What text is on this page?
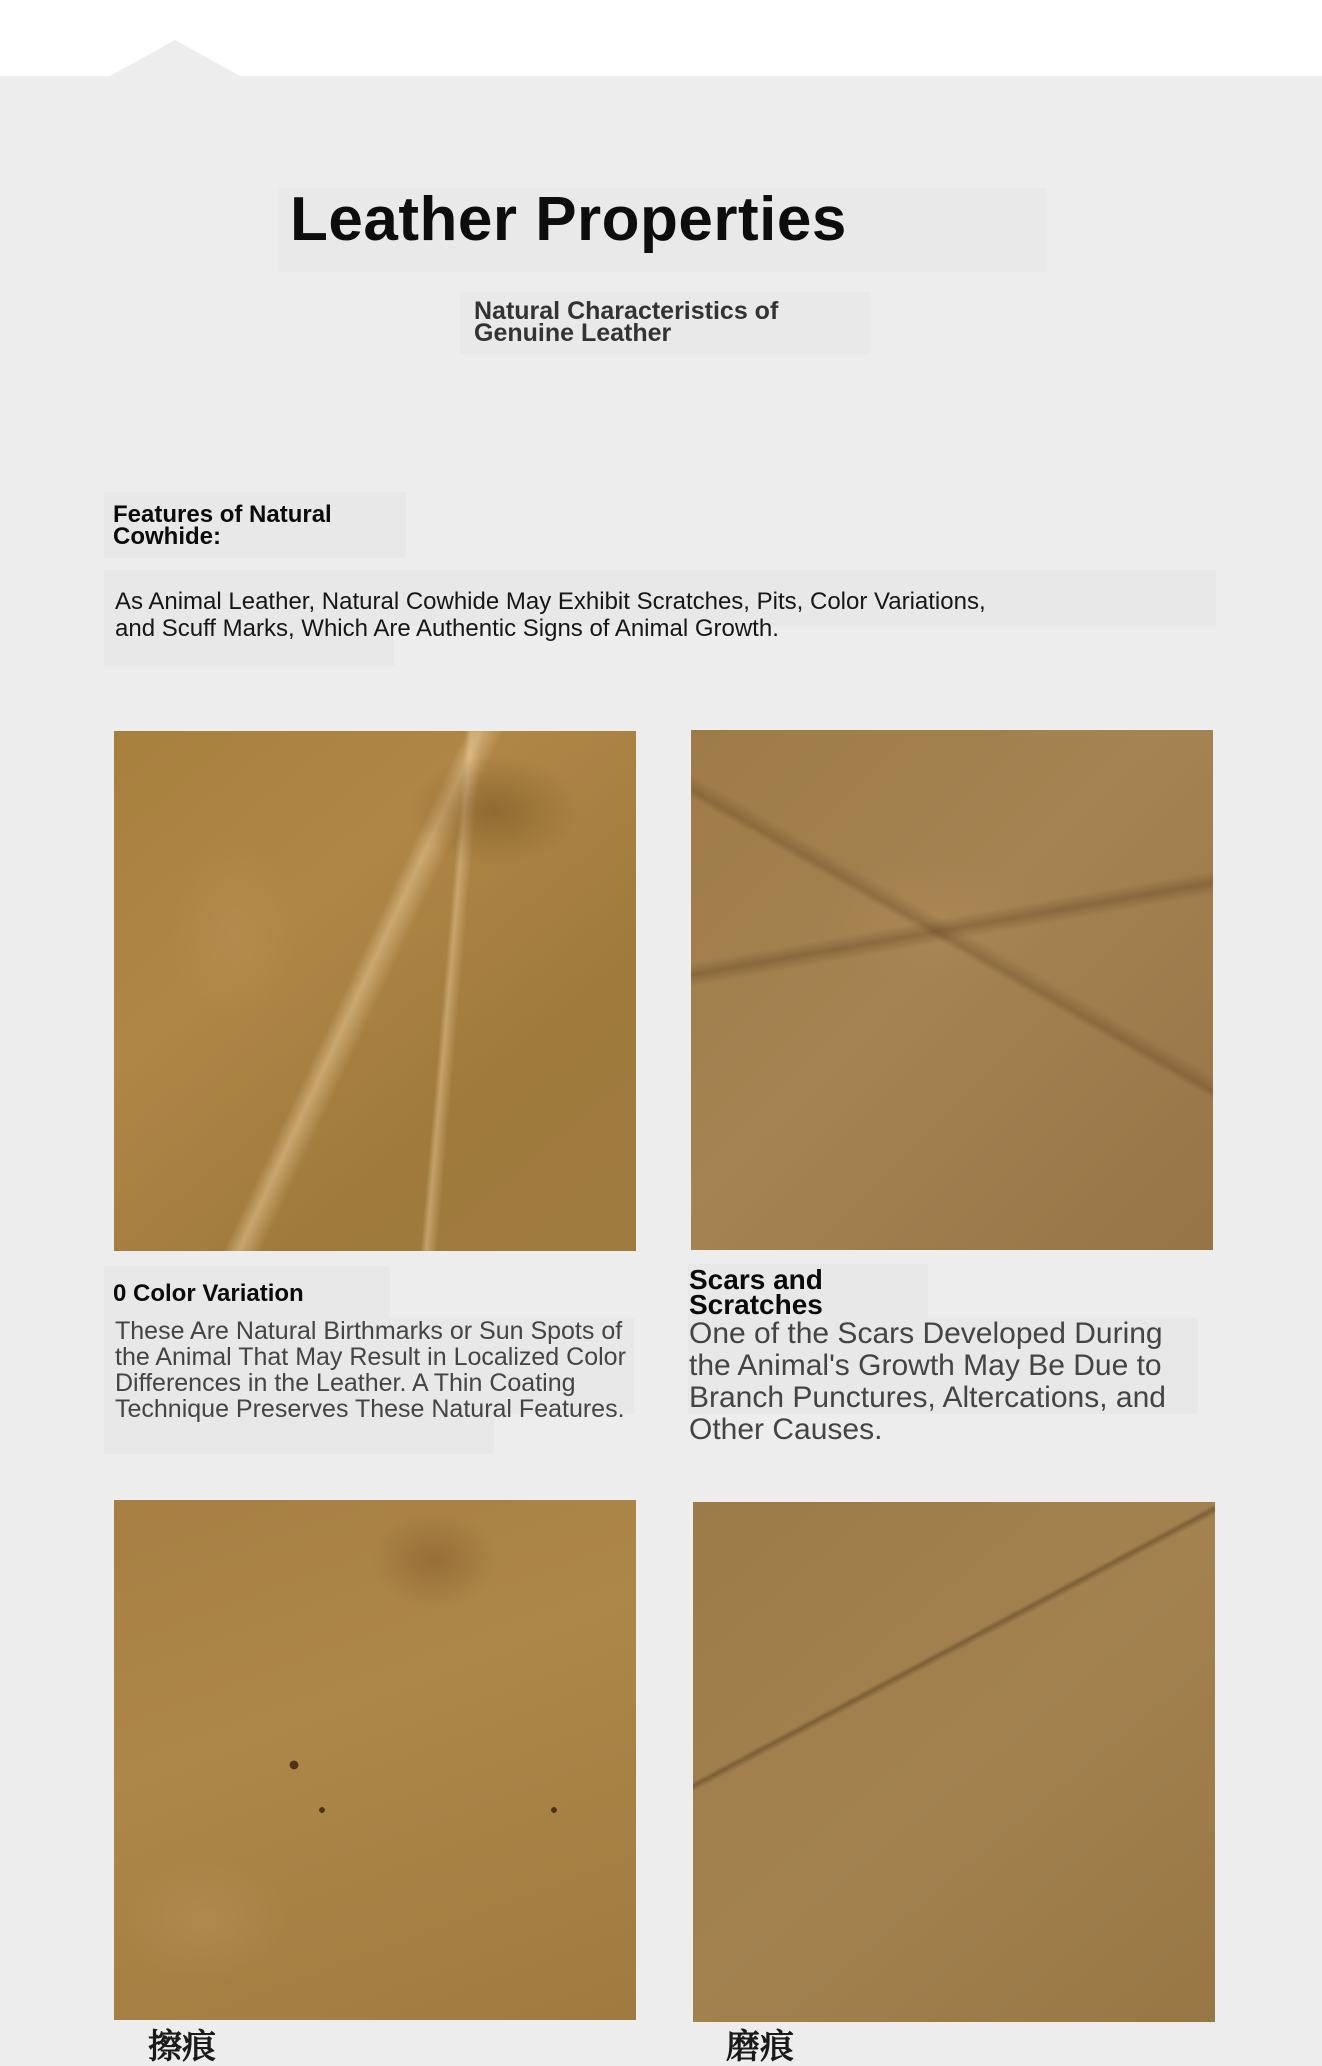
Leather Properties
Natural Characteristics of Genuine Leather
Features of Natural Cowhide:
As Animal Leather, Natural Cowhide May Exhibit Scratches, Pits, Color Variations, and Scuff Marks, Which Are Authentic Signs of Animal Growth.
0 Color Variation
These Are Natural Birthmarks or Sun Spots of the Animal That May Result in Localized Color Differences in the Leather. A Thin Coating Technique Preserves These Natural Features.
Scars and Scratches
One of the Scars Developed During the Animal's Growth May Be Due to Branch Punctures, Altercations, and Other Causes.
擦痕	磨痕
